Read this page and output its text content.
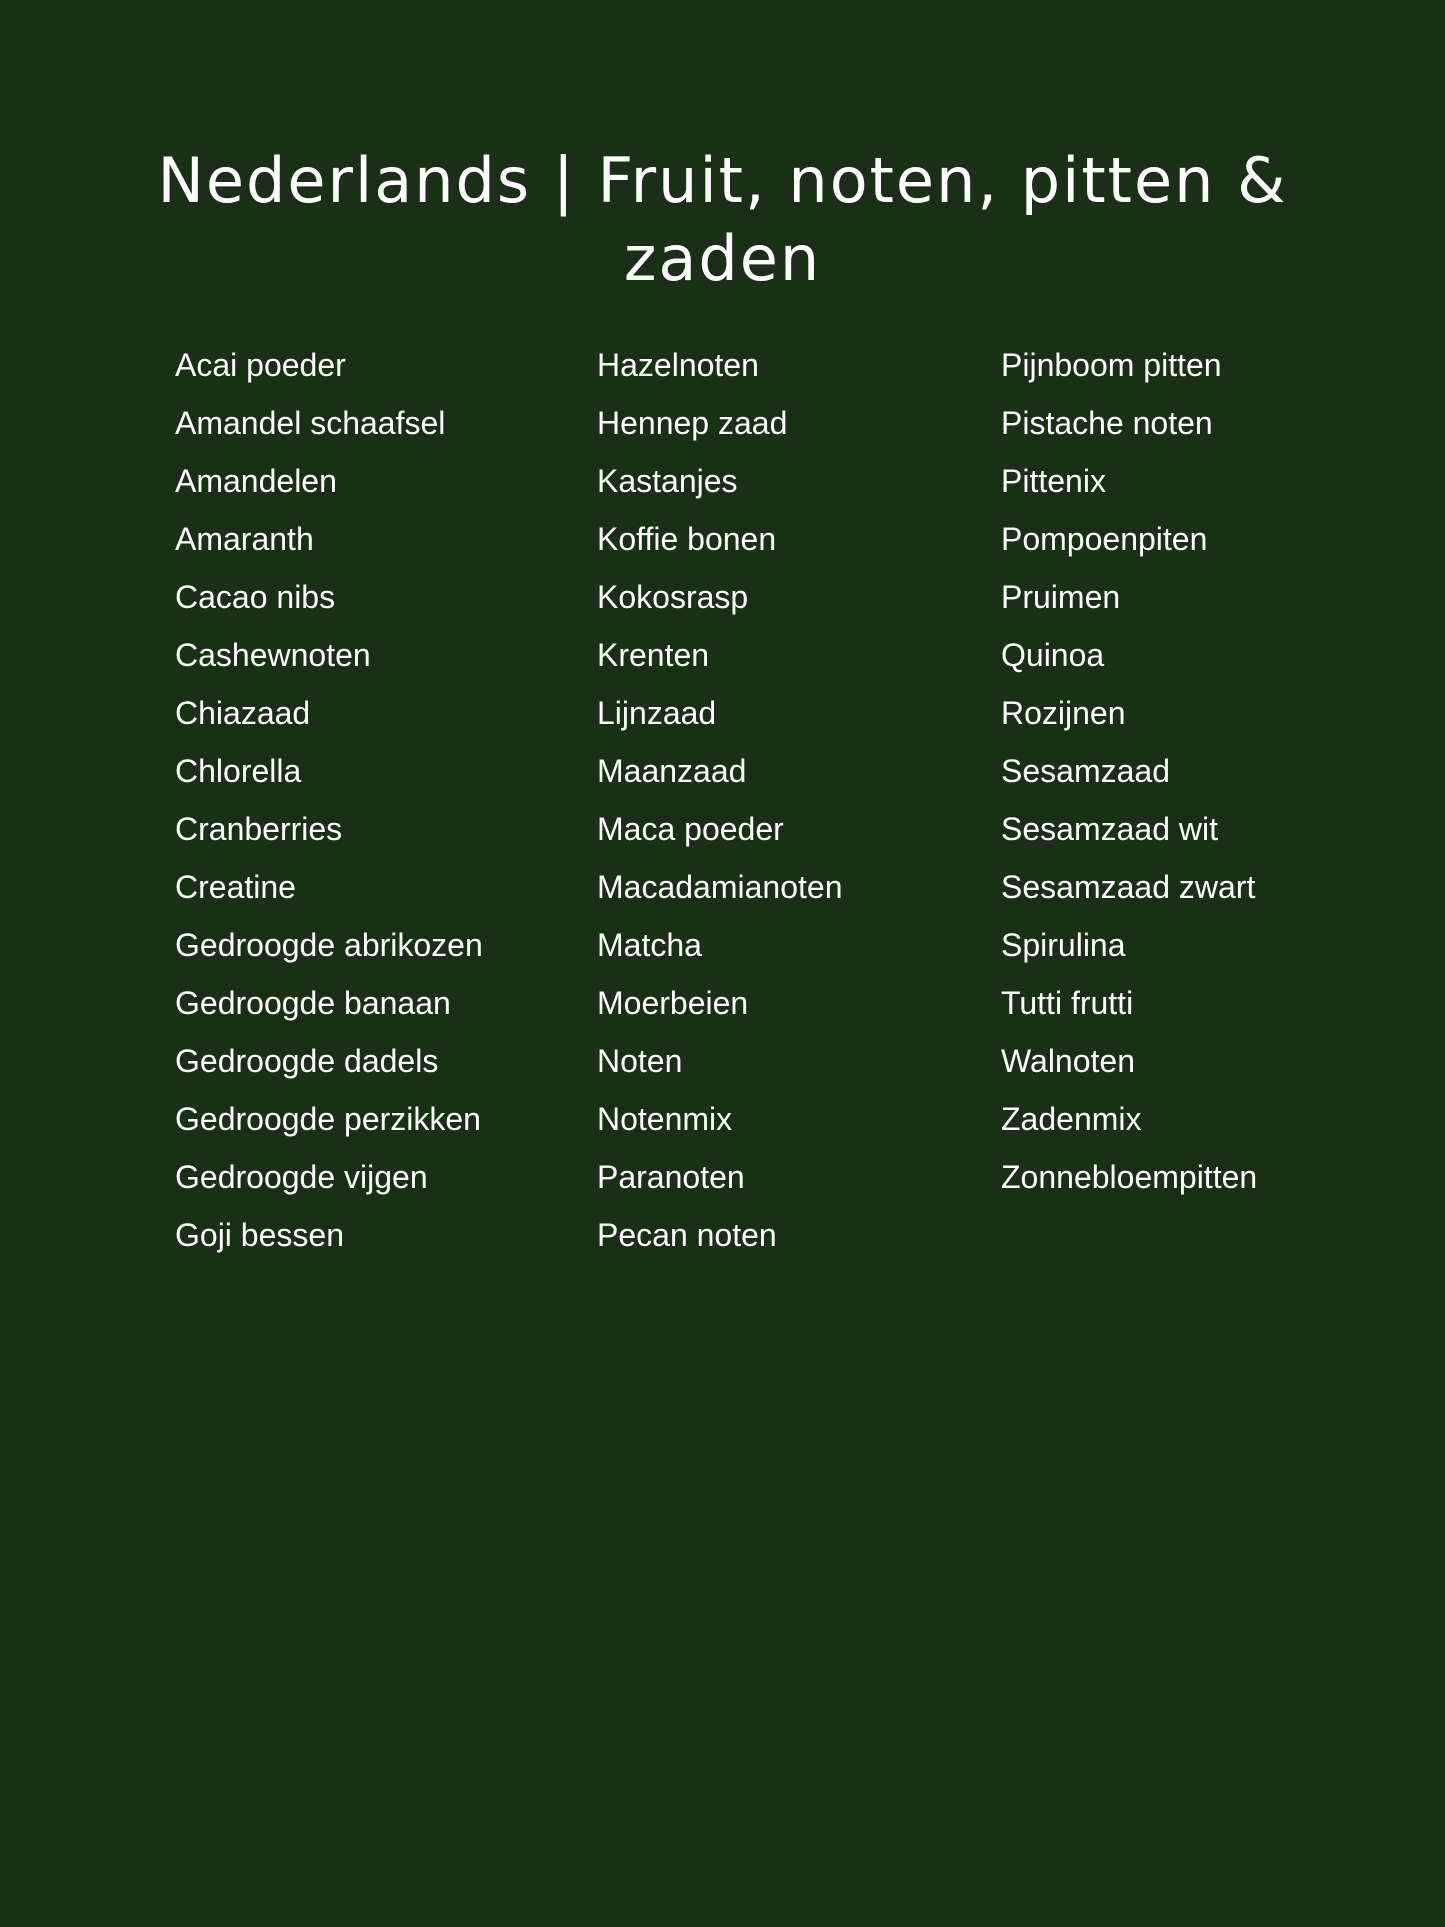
Nederlands | Fruit, noten, pitten &
zaden
Acai poeder
Amandel schaafsel
Amandelen
Amaranth
Cacao nibs
Cashewnoten
Chiazaad
Chlorella
Cranberries
Creatine
Gedroogde abrikozen
Gedroogde banaan
Gedroogde dadels
Gedroogde perzikken
Gedroogde vijgen
Goji bessen
Hazelnoten
Hennep zaad
Kastanjes
Koffie bonen
Kokosrasp
Krenten
Lijnzaad
Maanzaad
Maca poeder
Macadamianoten
Matcha
Moerbeien
Noten
Notenmix
Paranoten
Pecan noten
Pijnboom pitten
Pistache noten
Pittenix
Pompoenpiten
Pruimen
Quinoa
Rozijnen
Sesamzaad
Sesamzaad wit
Sesamzaad zwart
Spirulina
Tutti frutti
Walnoten
Zadenmix
Zonnebloempitten
